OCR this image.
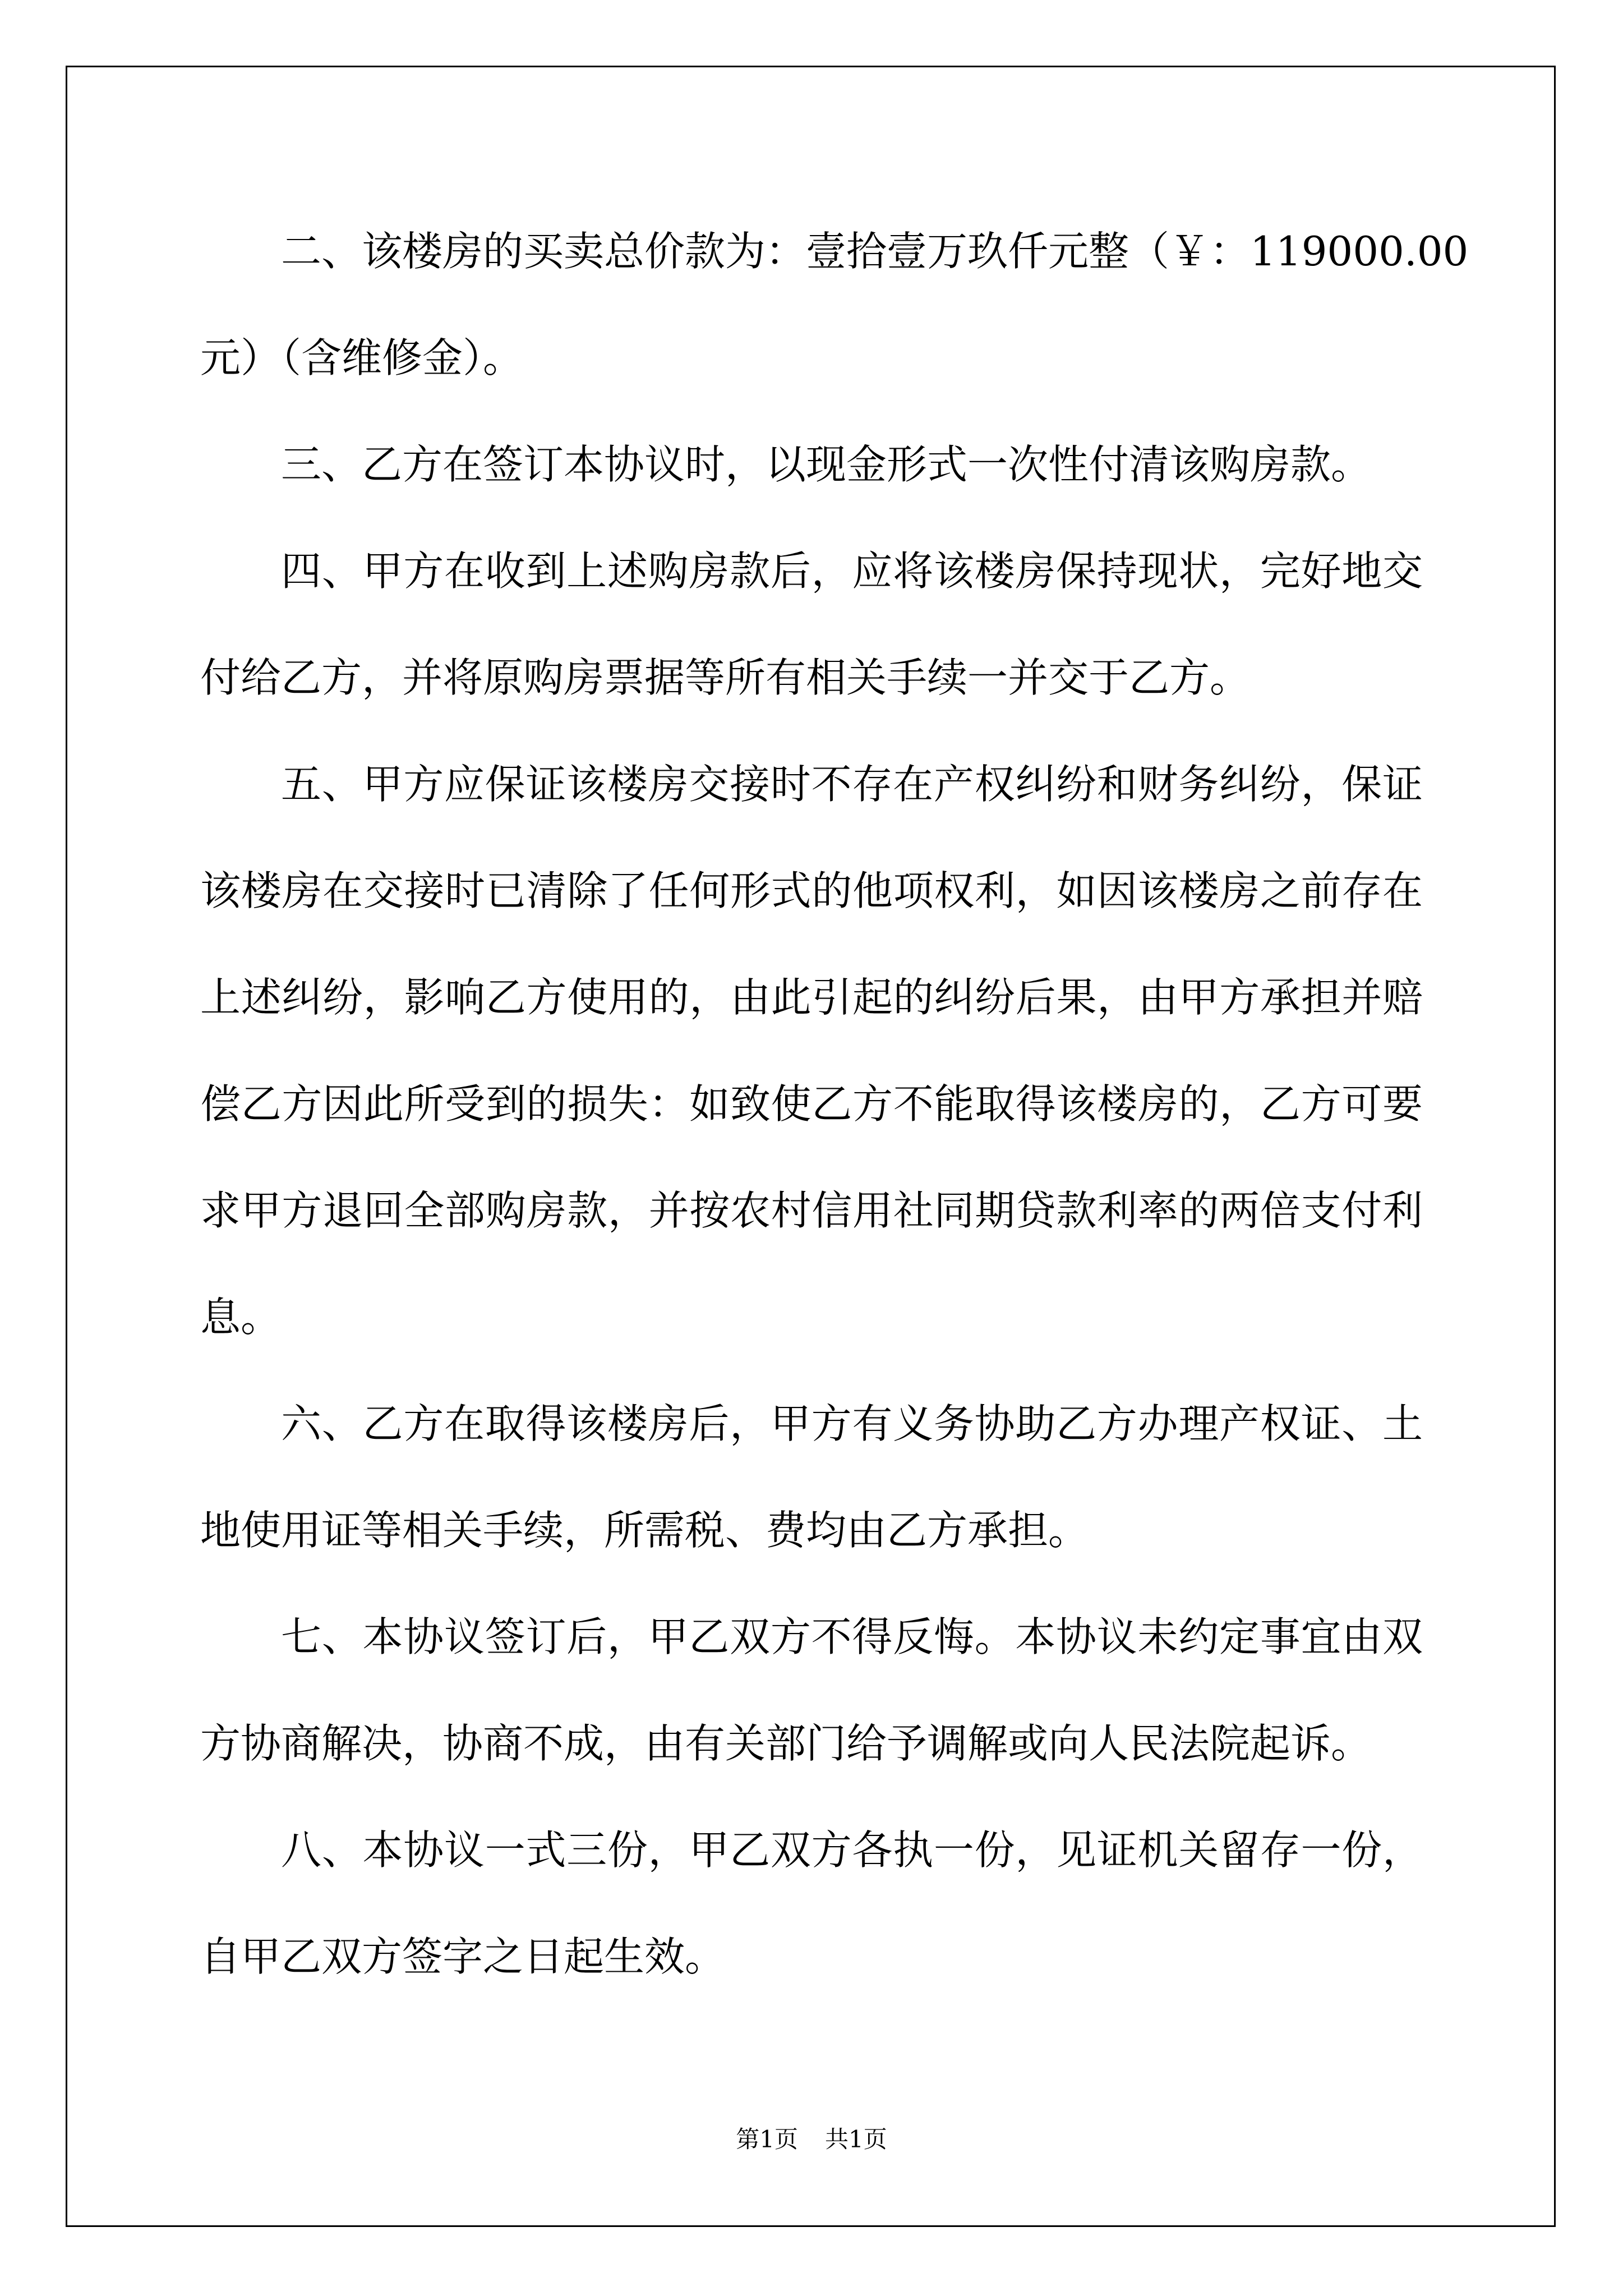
二、该楼房的买卖总价款为：壹拾壹万玖仟元整（￥：119000.00
元）（含维修金）。
三、乙方在签订本协议时，以现金形式一次性付清该购房款。
四、甲方在收到上述购房款后，应将该楼房保持现状，完好地交
付给乙方，并将原购房票据等所有相关手续一并交于乙方。
五、甲方应保证该楼房交接时不存在产权纠纷和财务纠纷，保证
该楼房在交接时已清除了任何形式的他项权利，如因该楼房之前存在
上述纠纷，影响乙方使用的，由此引起的纠纷后果，由甲方承担并赔
偿乙方因此所受到的损失：如致使乙方不能取得该楼房的，乙方可要
求甲方退回全部购房款，并按农村信用社同期贷款利率的两倍支付利
息。
六、乙方在取得该楼房后，甲方有义务协助乙方办理产权证、土
地使用证等相关手续，所需税、费均由乙方承担。
七、本协议签订后，甲乙双方不得反悔。本协议未约定事宜由双
方协商解决，协商不成，由有关部门给予调解或向人民法院起诉。
八、本协议一式三份，甲乙双方各执一份，见证机关留存一份，
自甲乙双方签字之日起生效。
第1页 共1页
